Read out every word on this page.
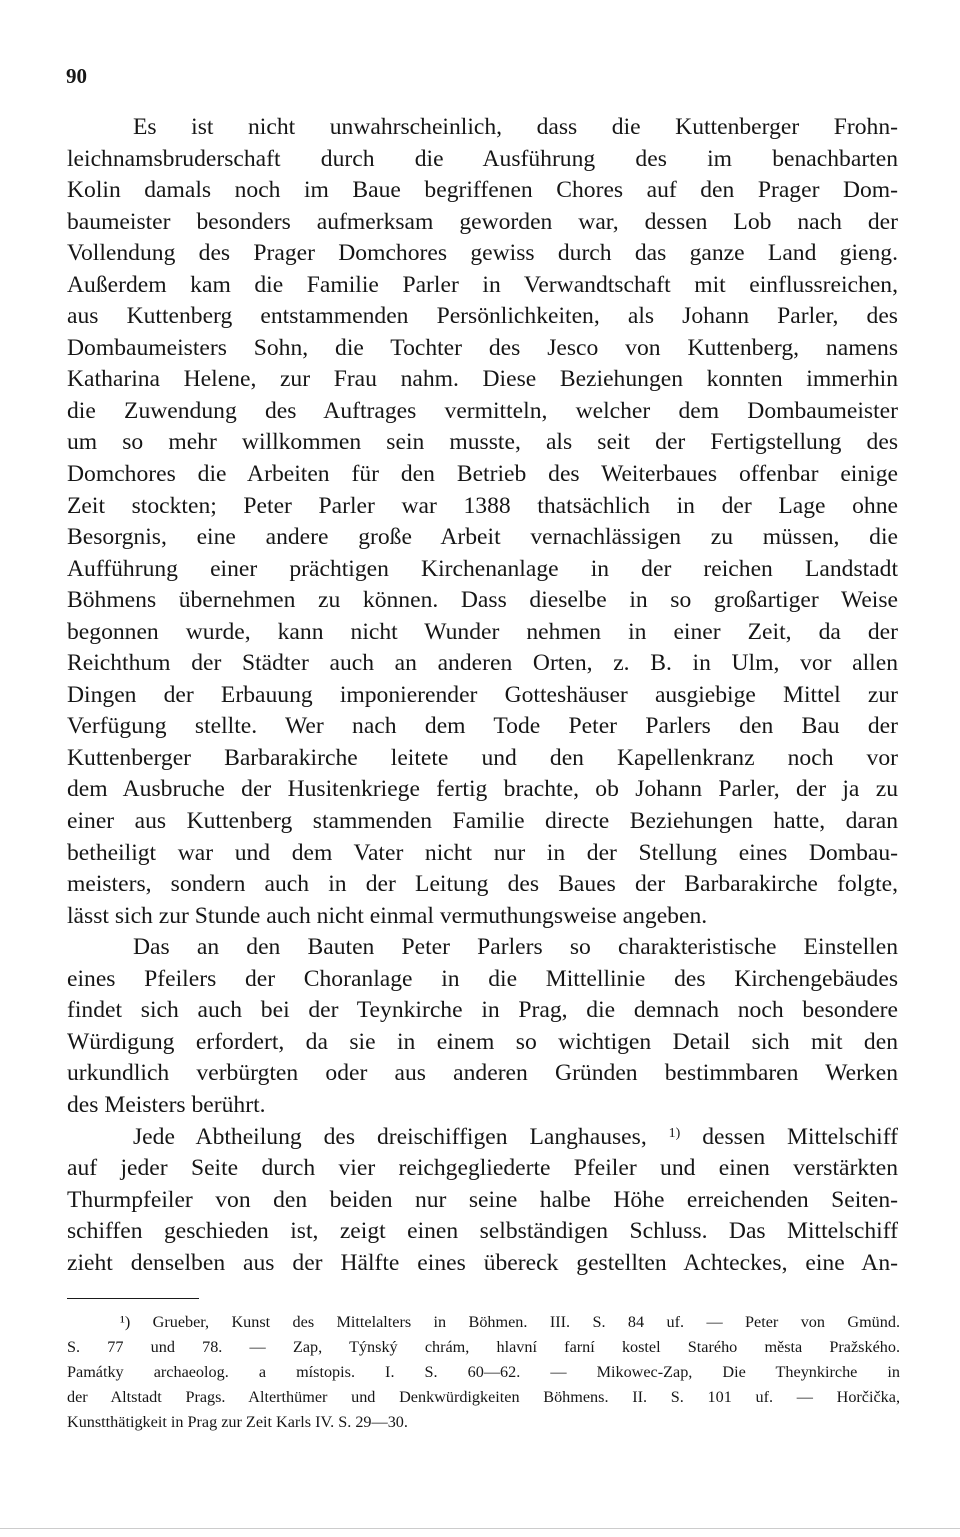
90
Es ist nicht unwahrscheinlich, dass die Kuttenberger Frohn-
leichnamsbruderschaft durch die Ausführung des im benachbarten
Kolin damals noch im Baue begriffenen Chores auf den Prager Dom-
baumeister besonders aufmerksam geworden war, dessen Lob nach der
Vollendung des Prager Domchores gewiss durch das ganze Land gieng.
Außerdem kam die Familie Parler in Verwandtschaft mit einflussreichen,
aus Kuttenberg entstammenden Persönlichkeiten, als Johann Parler, des
Dombaumeisters Sohn, die Tochter des Jesco von Kuttenberg, namens
Katharina Helene, zur Frau nahm. Diese Beziehungen konnten immerhin
die Zuwendung des Auftrages vermitteln, welcher dem Dombaumeister
um so mehr willkommen sein musste, als seit der Fertigstellung des
Domchores die Arbeiten für den Betrieb des Weiterbaues offenbar einige
Zeit stockten; Peter Parler war 1388 thatsächlich in der Lage ohne
Besorgnis, eine andere große Arbeit vernachlässigen zu müssen, die
Aufführung einer prächtigen Kirchenanlage in der reichen Landstadt
Böhmens übernehmen zu können. Dass dieselbe in so großartiger Weise
begonnen wurde, kann nicht Wunder nehmen in einer Zeit, da der
Reichthum der Städter auch an anderen Orten, z. B. in Ulm, vor allen
Dingen der Erbauung imponierender Gotteshäuser ausgiebige Mittel zur
Verfügung stellte. Wer nach dem Tode Peter Parlers den Bau der
Kuttenberger Barbarakirche leitete und den Kapellenkranz noch vor
dem Ausbruche der Husitenkriege fertig brachte, ob Johann Parler, der ja zu
einer aus Kuttenberg stammenden Familie directe Beziehungen hatte, daran
betheiligt war und dem Vater nicht nur in der Stellung eines Dombau-
meisters, sondern auch in der Leitung des Baues der Barbarakirche folgte,
lässt sich zur Stunde auch nicht einmal vermuthungsweise angeben.
Das an den Bauten Peter Parlers so charakteristische Einstellen
eines Pfeilers der Choranlage in die Mittellinie des Kirchengebäudes
findet sich auch bei der Teynkirche in Prag, die demnach noch besondere
Würdigung erfordert, da sie in einem so wichtigen Detail sich mit den
urkundlich verbürgten oder aus anderen Gründen bestimmbaren Werken
des Meisters berührt.
Jede Abtheilung des dreischiffigen Langhauses, $^{1)}$ dessen Mittelschiff
auf jeder Seite durch vier reichgegliederte Pfeiler und einen verstärkten
Thurmpfeiler von den beiden nur seine halbe Höhe erreichenden Seiten-
schiffen geschieden ist, zeigt einen selbständigen Schluss. Das Mittelschiff
zieht denselben aus der Hälfte eines übereck gestellten Achteckes, eine An-
¹) Grueber, Kunst des Mittelalters in Böhmen. III. S. 84 uf. — Peter von Gmünd.
S. 77 und 78. — Zap, Týnský chrám, hlavní farní kostel Starého města Pražského.
Památky archaeolog. a místopis. I. S. 60—62. — Mikowec-Zap, Die Theynkirche in
der Altstadt Prags. Alterthümer und Denkwürdigkeiten Böhmens. II. S. 101 uf. — Horčička,
Kunstthätigkeit in Prag zur Zeit Karls IV. S. 29—30.
